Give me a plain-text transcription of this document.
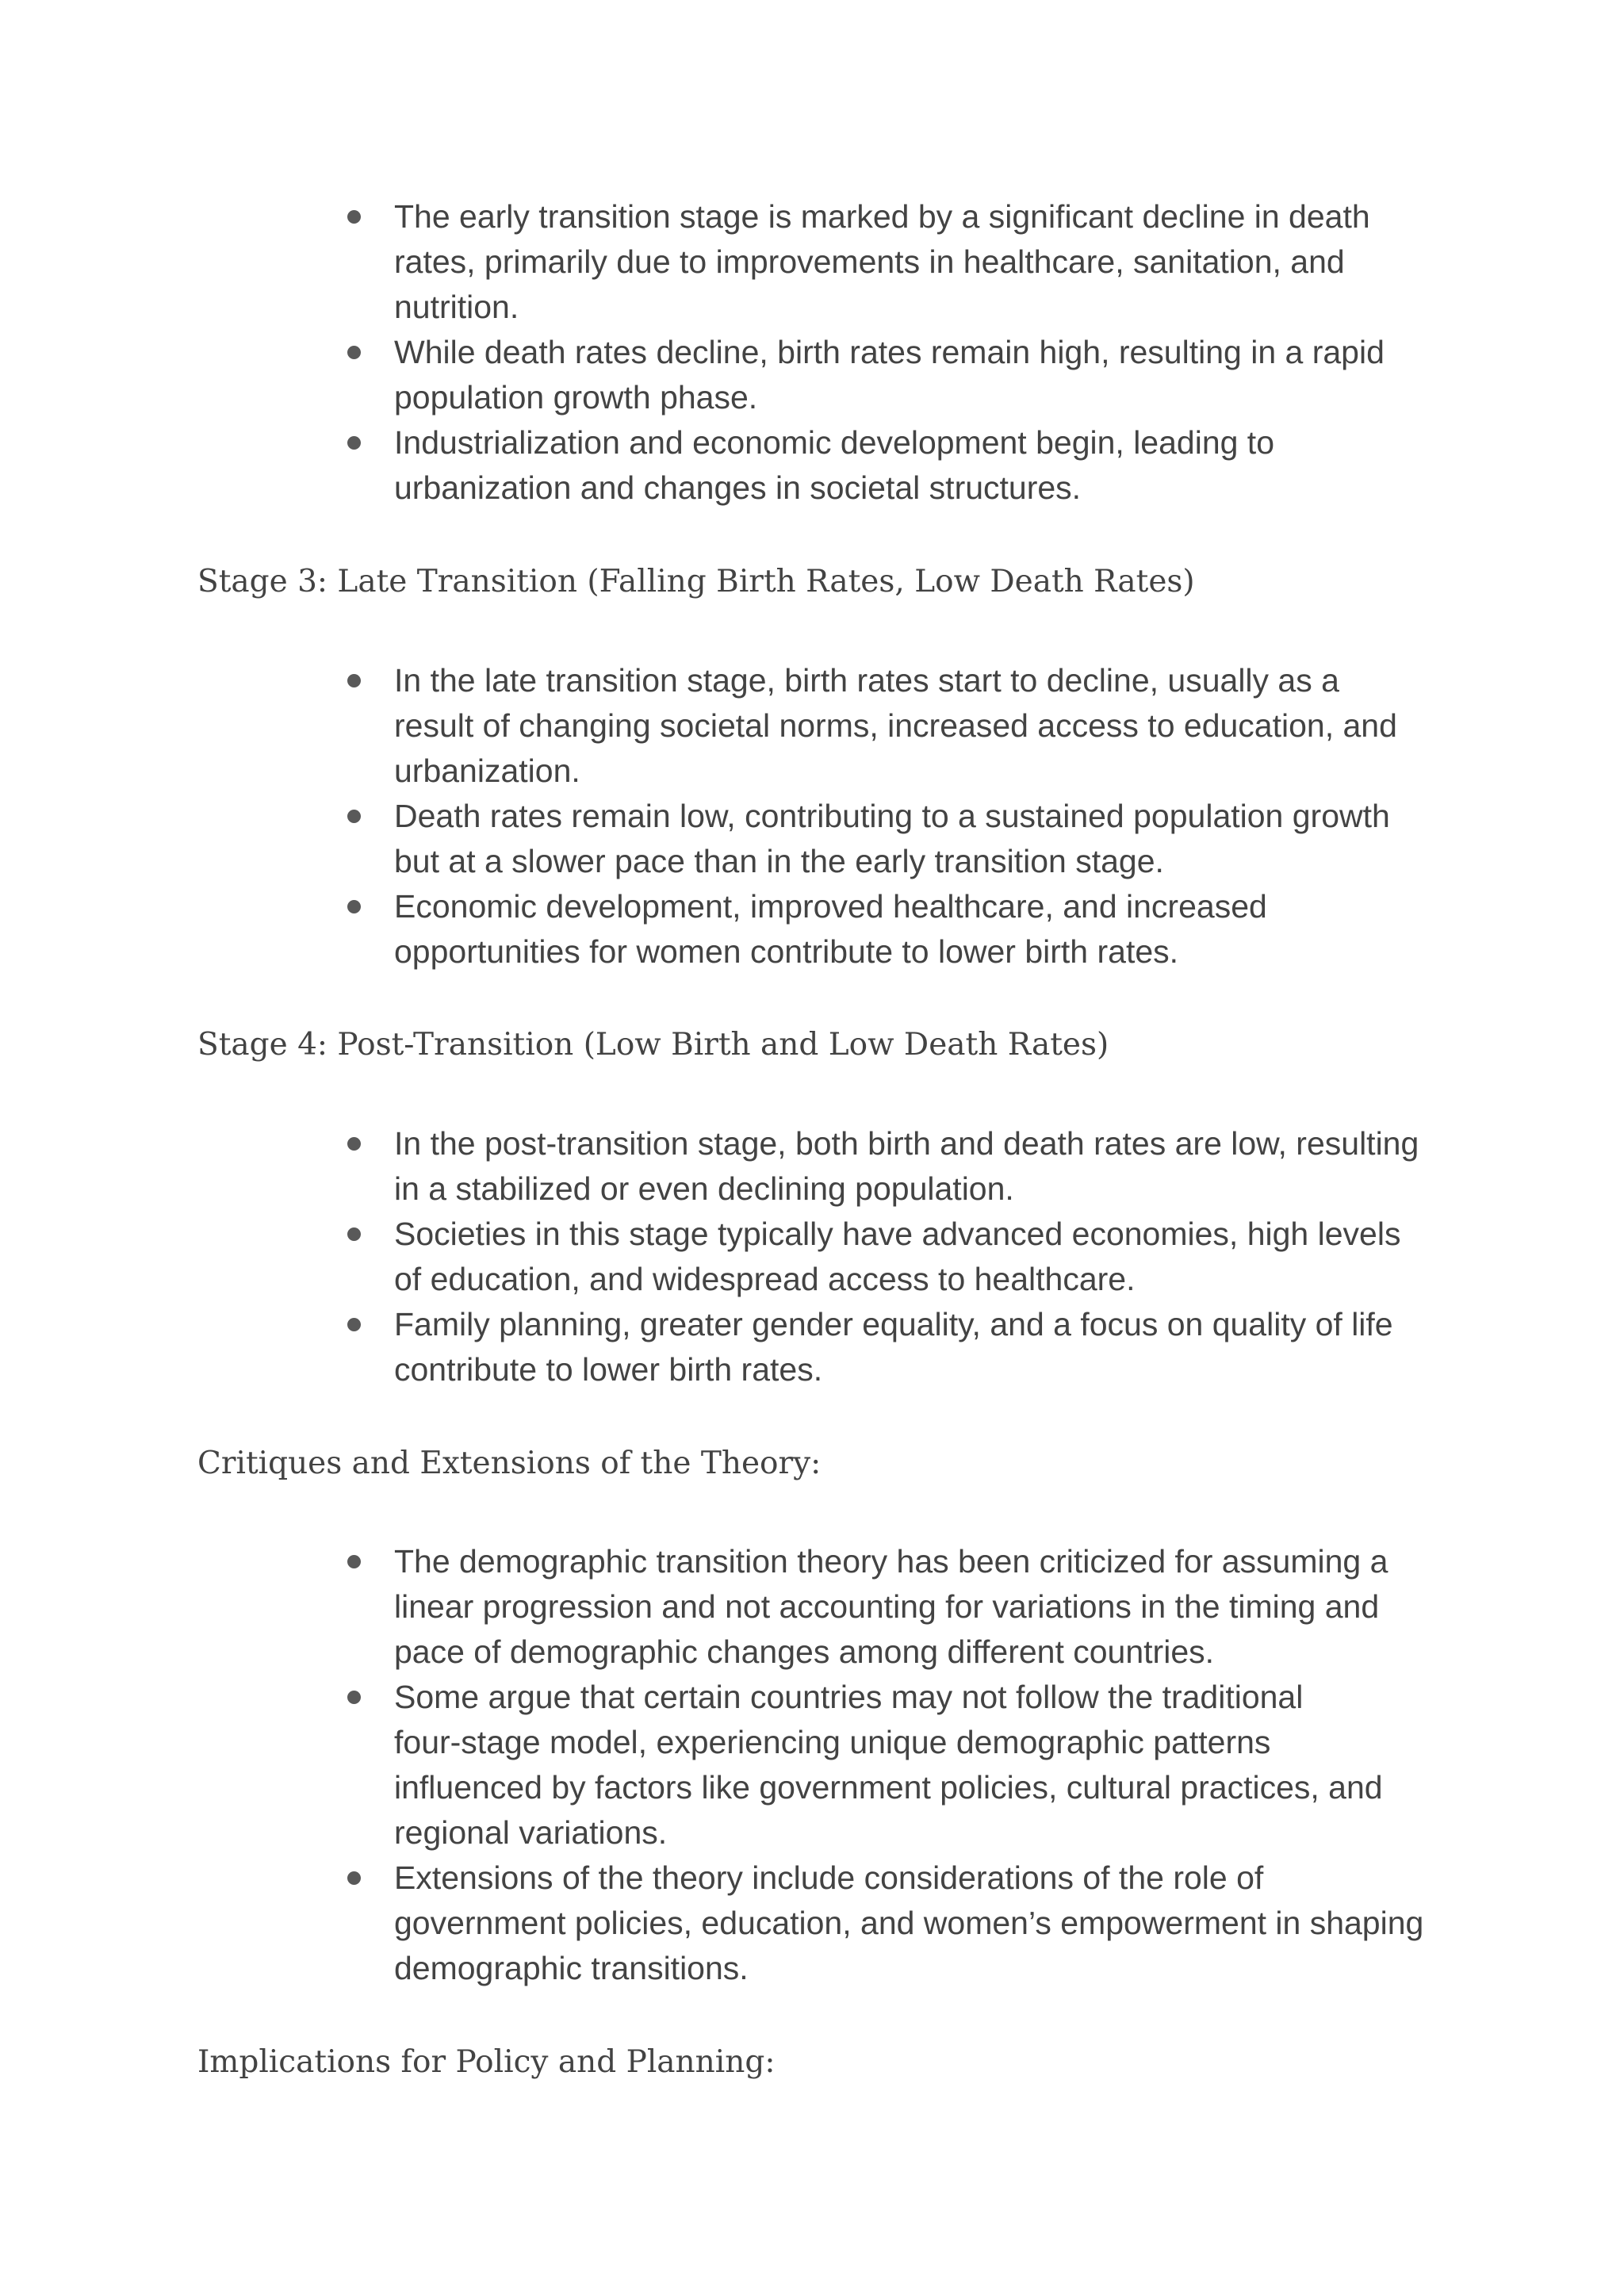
The early transition stage is marked by a significant decline in death
rates, primarily due to improvements in healthcare, sanitation, and
nutrition.
While death rates decline, birth rates remain high, resulting in a rapid
population growth phase.
Industrialization and economic development begin, leading to
urbanization and changes in societal structures.
Stage 3: Late Transition (Falling Birth Rates, Low Death Rates)
In the late transition stage, birth rates start to decline, usually as a
result of changing societal norms, increased access to education, and
urbanization.
Death rates remain low, contributing to a sustained population growth
but at a slower pace than in the early transition stage.
Economic development, improved healthcare, and increased
opportunities for women contribute to lower birth rates.
Stage 4: Post-Transition (Low Birth and Low Death Rates)
In the post-transition stage, both birth and death rates are low, resulting
in a stabilized or even declining population.
Societies in this stage typically have advanced economies, high levels
of education, and widespread access to healthcare.
Family planning, greater gender equality, and a focus on quality of life
contribute to lower birth rates.
Critiques and Extensions of the Theory:
The demographic transition theory has been criticized for assuming a
linear progression and not accounting for variations in the timing and
pace of demographic changes among different countries.
Some argue that certain countries may not follow the traditional
four-stage model, experiencing unique demographic patterns
influenced by factors like government policies, cultural practices, and
regional variations.
Extensions of the theory include considerations of the role of
government policies, education, and women’s empowerment in shaping
demographic transitions.
Implications for Policy and Planning:
